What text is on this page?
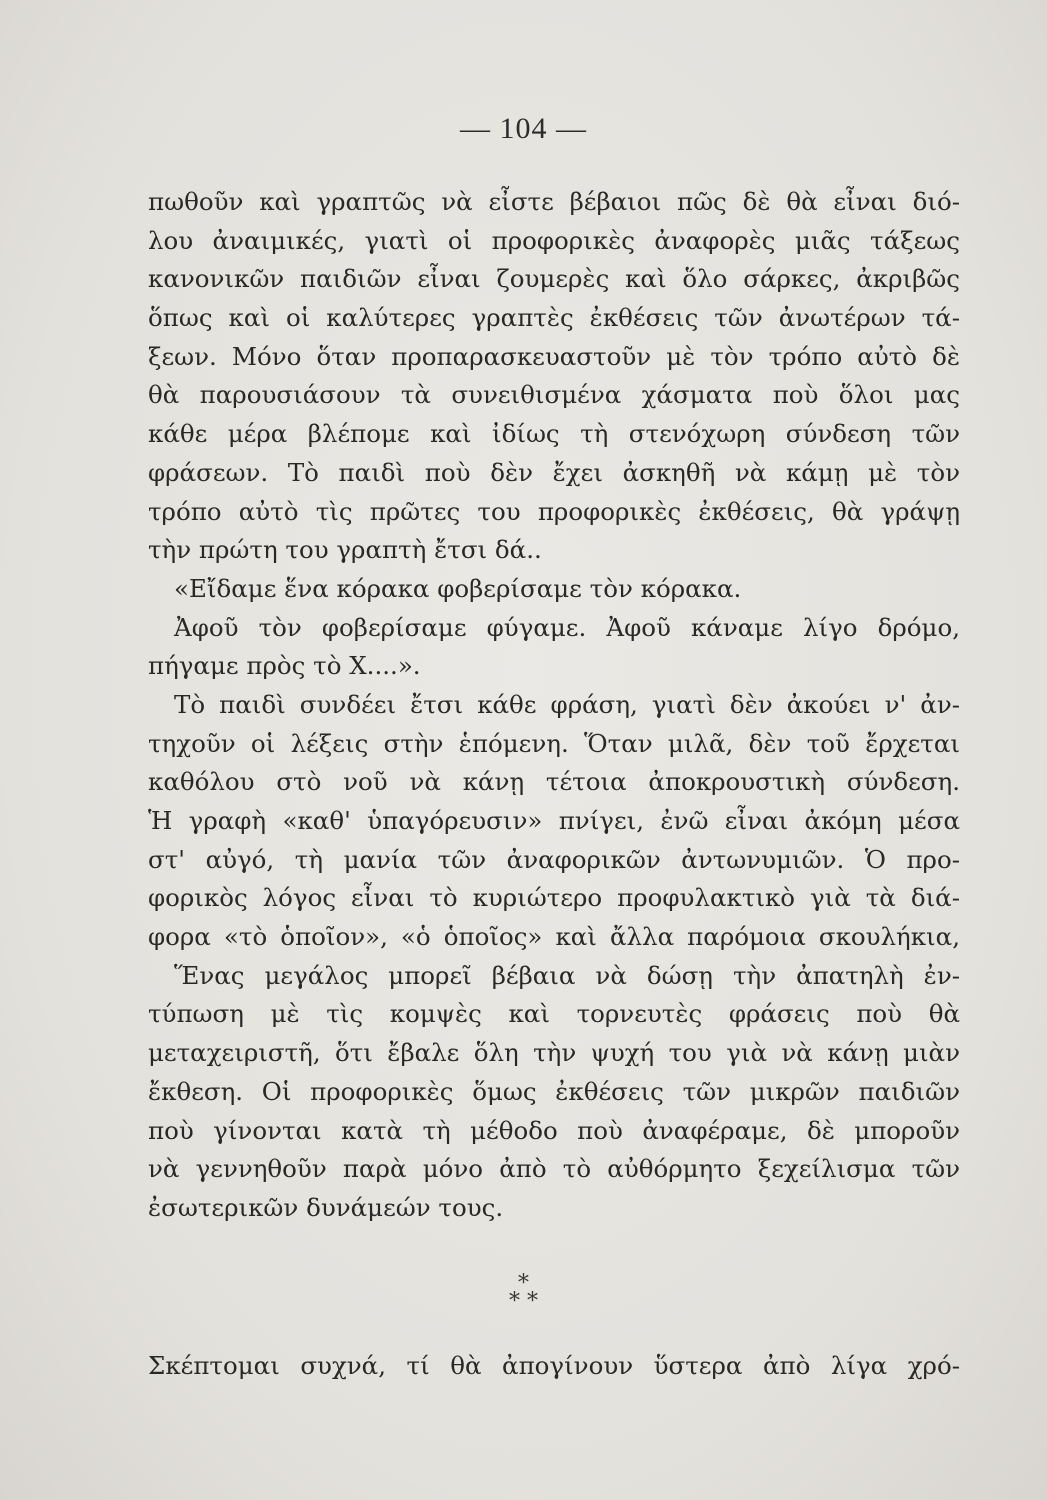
— 104 —
πωθοῦν καὶ γραπτῶς νὰ εἶστε βέβαιοι πῶς δὲ θὰ εἶναι διό-
λου ἀναιμικές, γιατὶ οἱ προφορικὲς ἀναφορὲς μιᾶς τάξεως
κανονικῶν παιδιῶν εἶναι ζουμερὲς καὶ ὅλο σάρκες, ἀκριβῶς
ὅπως καὶ οἱ καλύτερες γραπτὲς ἐκθέσεις τῶν ἀνωτέρων τά-
ξεων. Μόνο ὅταν προπαρασκευαστοῦν μὲ τὸν τρόπο αὐτὸ δὲ
θὰ παρουσιάσουν τὰ συνειθισμένα χάσματα ποὺ ὅλοι μας
κάθε μέρα βλέπομε καὶ ἰδίως τὴ στενόχωρη σύνδεση τῶν
φράσεων. Τὸ παιδὶ ποὺ δὲν ἔχει ἀσκηθῆ νὰ κάμῃ μὲ τὸν
τρόπο αὐτὸ τὶς πρῶτες του προφορικὲς ἐκθέσεις, θὰ γράψῃ
τὴν πρώτη του γραπτὴ ἔτσι δά..
«Εἴδαμε ἕνα κόρακα φοβερίσαμε τὸν κόρακα.
Ἀφοῦ τὸν φοβερίσαμε φύγαμε. Ἀφοῦ κάναμε λίγο δρόμο,
πήγαμε πρὸς τὸ Χ....».
Τὸ παιδὶ συνδέει ἔτσι κάθε φράση, γιατὶ δὲν ἀκούει ν' ἀν-
τηχοῦν οἱ λέξεις στὴν ἑπόμενη. Ὅταν μιλᾶ, δὲν τοῦ ἔρχεται
καθόλου στὸ νοῦ νὰ κάνῃ τέτοια ἀποκρουστικὴ σύνδεση.
Ἡ γραφὴ «καθ' ὑπαγόρευσιν» πνίγει, ἐνῶ εἶναι ἀκόμη μέσα
στ' αὐγό, τὴ μανία τῶν ἀναφορικῶν ἀντωνυμιῶν. Ὁ προ-
φορικὸς λόγος εἶναι τὸ κυριώτερο προφυλακτικὸ γιὰ τὰ διά-
φορα «τὸ ὁποῖον», «ὁ ὁποῖος» καὶ ἄλλα παρόμοια σκουλήκια,
Ἕνας μεγάλος μπορεῖ βέβαια νὰ δώσῃ τὴν ἀπατηλὴ ἐν-
τύπωση μὲ τὶς κομψὲς καὶ τορνευτὲς φράσεις ποὺ θὰ
μεταχειριστῆ, ὅτι ἔβαλε ὅλη τὴν ψυχή του γιὰ νὰ κάνῃ μιὰν
ἔκθεση. Οἱ προφορικὲς ὅμως ἐκθέσεις τῶν μικρῶν παιδιῶν
ποὺ γίνονται κατὰ τὴ μέθοδο ποὺ ἀναφέραμε, δὲ μποροῦν
νὰ γεννηθοῦν παρὰ μόνο ἀπὸ τὸ αὐθόρμητο ξεχείλισμα τῶν
ἐσωτερικῶν δυνάμεών τους.
*
* *
Σκέπτομαι συχνά, τί θὰ ἀπογίνουν ὕστερα ἀπὸ λίγα χρό-
